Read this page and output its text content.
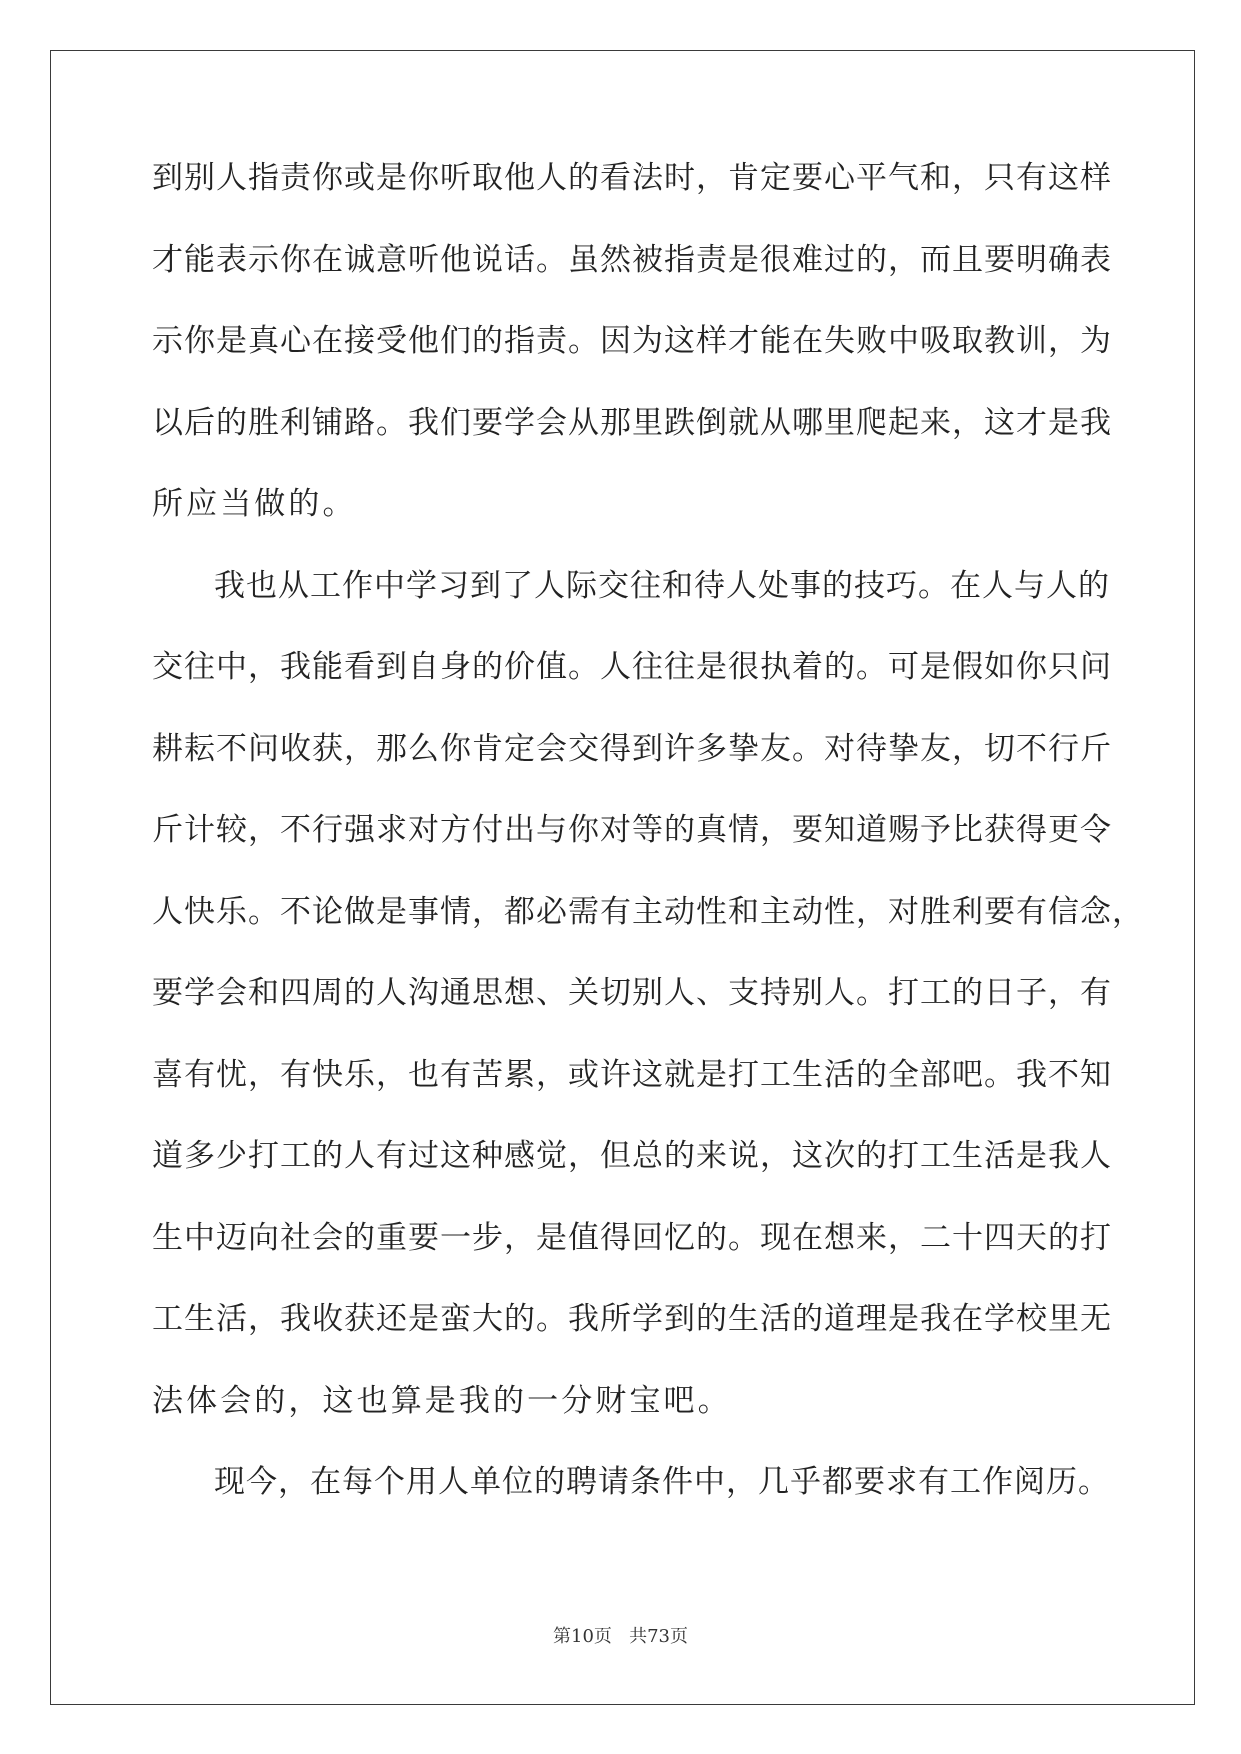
到别人指责你或是你听取他人的看法时，肯定要心平气和，只有这样
才能表示你在诚意听他说话。虽然被指责是很难过的，而且要明确表
示你是真心在接受他们的指责。因为这样才能在失败中吸取教训，为
以后的胜利铺路。我们要学会从那里跌倒就从哪里爬起来，这才是我
所应当做的。
我也从工作中学习到了人际交往和待人处事的技巧。在人与人的
交往中，我能看到自身的价值。人往往是很执着的。可是假如你只问
耕耘不问收获，那么你肯定会交得到许多挚友。对待挚友，切不行斤
斤计较，不行强求对方付出与你对等的真情，要知道赐予比获得更令
人快乐。不论做是事情，都必需有主动性和主动性，对胜利要有信念，
要学会和四周的人沟通思想、关切别人、支持别人。打工的日子，有
喜有忧，有快乐，也有苦累，或许这就是打工生活的全部吧。我不知
道多少打工的人有过这种感觉，但总的来说，这次的打工生活是我人
生中迈向社会的重要一步，是值得回忆的。现在想来，二十四天的打
工生活，我收获还是蛮大的。我所学到的生活的道理是我在学校里无
法体会的，这也算是我的一分财宝吧。
现今，在每个用人单位的聘请条件中，几乎都要求有工作阅历。
第10页 共73页
